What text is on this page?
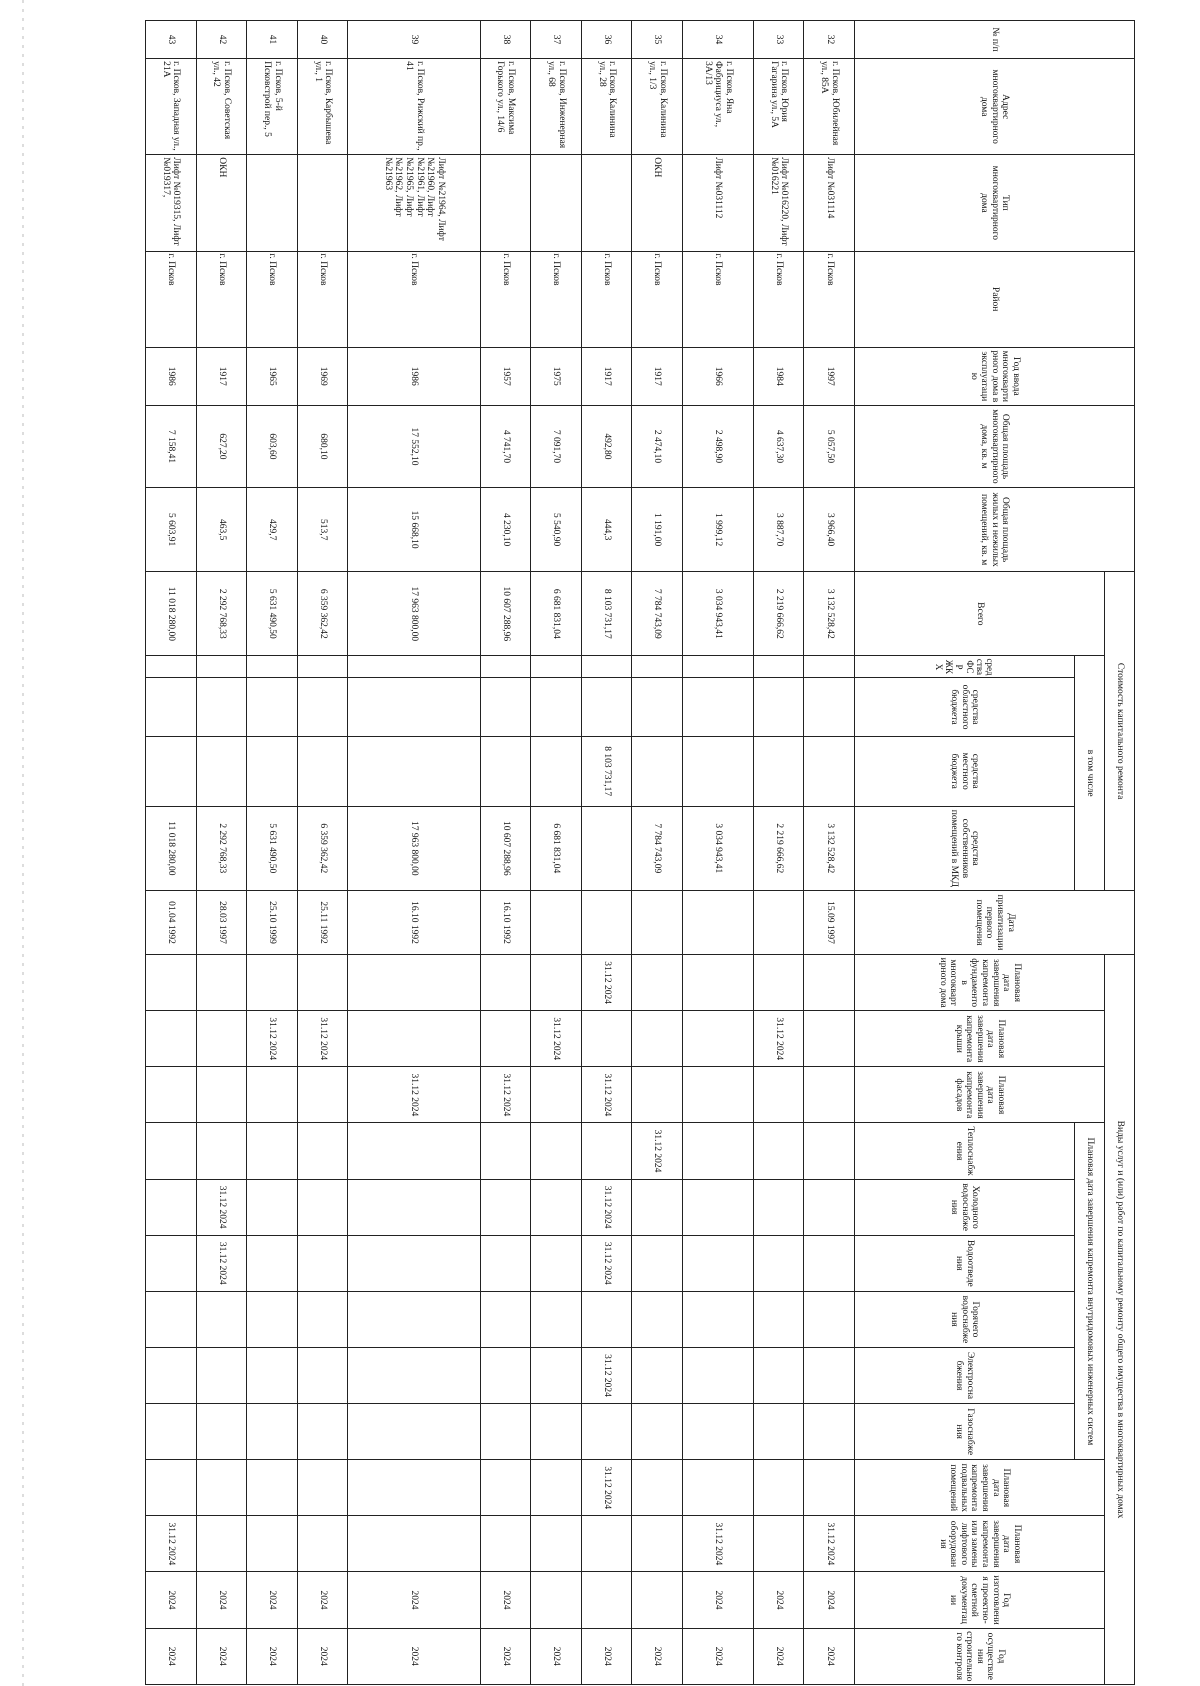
№ п/п	Адрес многоквартирного дома	Тип многоквартирного дома	Район	Год ввода многоквартирного дома в эксплуатацию	Общая площадь многоквартирного дома, кв. м	Общая площадь жилых и нежилых помещений, кв. м	Стоимость капитального ремонта					Дата приватизации первого помещения	Виды услуг и (или) работ по капитальному ремонту общего имущества в многоквартирных домах												
							Всего	в том числе					Плановая дата завершения капремонта фундаментов многоквартирного дома	Плановая дата завершения капремонта крыши	Плановая дата завершения капремонта фасадов	Плановая дата завершения капремонта внутридомовых инженерных систем						Плановая дата завершения капремонта подвальных помещений	Плановая дата завершения капремонта или замены лифтового оборудования	Год изготовления проектно-сметной документации	Год осуществления строительного контроля
								средства ФСР ЖКХ	средства областного бюджета	средства местного бюджета	средства собственников помещений в МКД					Теплоснабжения	Холодного водоснабжения	Водоотведения	Горячего водоснабжения	Электроснабжения	Газоснабжения				
32	г. Псков, Юбилейная ул., 85А	Лифт №031114	г. Псков	1997	5 057,50	3 966,40	3 132 528,42				3 132 528,42	15.09 1997											31.12 2024	2024	2024
33	г. Псков, Юрия Гагарина ул., 5А	Лифт №016220, Лифт №016221	г. Псков	1984	4 637,30	3 887,70	2 219 666,62				2 219 666,62			31.12 2024										2024	2024
34	г. Псков, Яна Фабрициуса ул., 3А/13	Лифт №031112	г. Псков	1966	2 498,90	1 999,12	3 034 943,41				3 034 943,41												31.12 2024	2024	2024
35	г. Псков, Калинина ул., 1/3	ОКН	г. Псков	1917	2 474,10	1 191,00	7 784 743,09				7 784 743,09					31.12 2024									2024
36	г. Псков, Калинина ул., 28		г. Псков	1917	492,80	444,3	8 103 731,17			8 103 731,17			31.12 2024		31.12 2024		31.12 2024	31.12 2024		31.12 2024		31.12 2024			2024
37	г. Псков, Инженерная ул., 68		г. Псков	1975	7 091,70	5 540,90	6 681 831,04				6 681 831,04			31.12 2024											2024
38	г. Псков, Максима Горького ул., 14/6		г. Псков	1957	4 741,70	4 230,10	10 607 288,96				10 607 288,96	16.10 1992			31.12 2024									2024	2024
39	г. Псков, Рижский пр., 41	Лифт №21964, Лифт №21960, Лифт №21961, Лифт №21965, Лифт №21962, Лифт №21963	г. Псков	1986	17 552,10	15 668,10	17 963 800,00				17 963 800,00	16.10 1992			31.12 2024									2024	2024
40	г. Псков, Карбышева ул., 1		г. Псков	1969	680,10	513,7	6 359 362,42				6 359 362,42	25.11 1992		31.12 2024										2024	2024
41	г. Псков, 5-й Псковстрой пер., 5		г. Псков	1965	603,60	429,7	5 631 490,50				5 631 490,50	25.10 1999		31.12 2024										2024	2024
42	г. Псков, Советская ул., 42	ОКН	г. Псков	1917	627,20	463,5	2 292 768,33				2 292 768,33	28.03 1997					31.12 2024	31.12 2024						2024	2024
43	г. Псков, Западная ул., 21А	Лифт №019315, Лифт №019317,	г. Псков	1986	7 158,41	5 603,91	11 018 280,00				11 018 280,00	01.04 1992											31.12 2024	2024	2024
